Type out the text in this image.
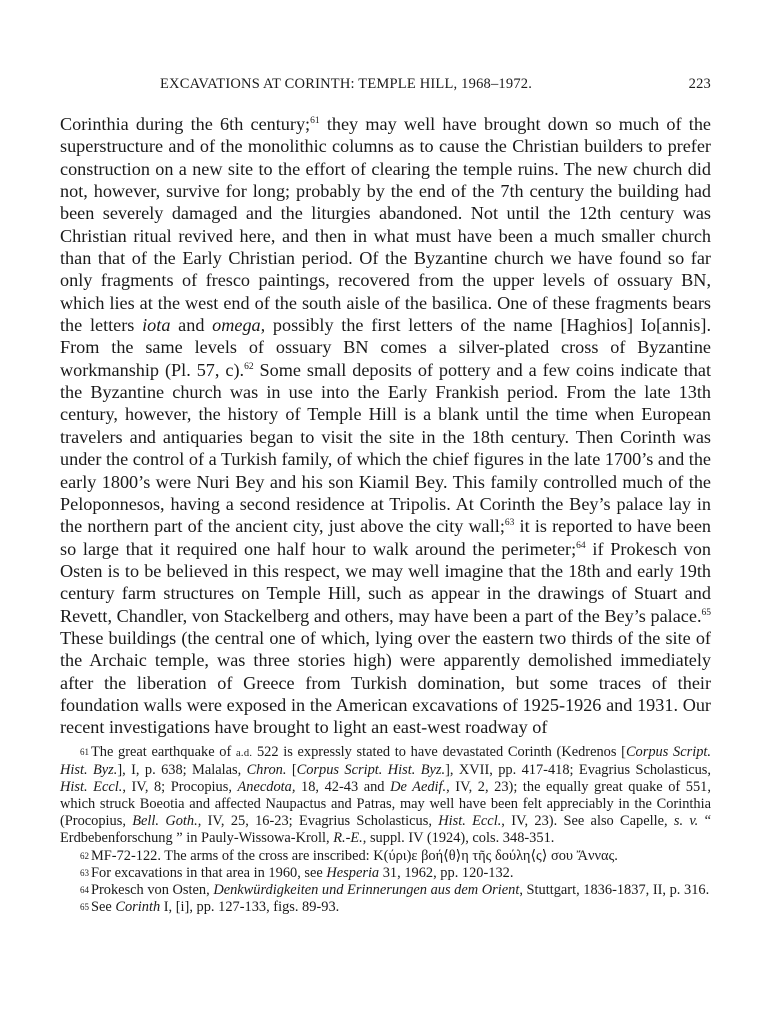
EXCAVATIONS AT CORINTH: TEMPLE HILL, 1968–1972.	223

Corinthia during the 6th century;$^{61}$ they may well have brought down so much of the superstructure and of the monolithic columns as to cause the Christian builders to prefer construction on a new site to the effort of clearing the temple ruins. The new church did not, however, survive for long; probably by the end of the 7th century the building had been severely damaged and the liturgies abandoned. Not until the 12th century was Christian ritual revived here, and then in what must have been a much smaller church than that of the Early Christian period. Of the Byzantine church we have found so far only fragments of fresco paintings, recovered from the upper levels of ossuary BN, which lies at the west end of the south aisle of the basilica. One of these fragments bears the letters iota and omega, possibly the first letters of the name [Haghios] Io[annis]. From the same levels of ossuary BN comes a silver-plated cross of Byzantine workmanship (Pl. 57, c).$^{62}$ Some small deposits of pottery and a few coins indicate that the Byzantine church was in use into the Early Frankish period. From the late 13th century, however, the history of Temple Hill is a blank until the time when European travelers and antiquaries began to visit the site in the 18th century. Then Corinth was under the control of a Turkish family, of which the chief figures in the late 1700’s and the early 1800’s were Nuri Bey and his son Kiamil Bey. This family controlled much of the Peloponnesos, having a second residence at Tripolis. At Corinth the Bey’s palace lay in the northern part of the ancient city, just above the city wall;$^{63}$ it is reported to have been so large that it required one half hour to walk around the perimeter;$^{64}$ if Prokesch von Osten is to be believed in this respect, we may well imagine that the 18th and early 19th century farm structures on Temple Hill, such as appear in the drawings of Stuart and Revett, Chandler, von Stackelberg and others, may have been a part of the Bey’s palace.$^{65}$ These buildings (the central one of which, lying over the eastern two thirds of the site of the Archaic temple, was three stories high) were apparently demolished immediately after the liberation of Greece from Turkish domination, but some traces of their foundation walls were exposed in the American excavations of 1925-1926 and 1931. Our recent investigations have brought to light an east-west roadway of

$^{61}$ The great earthquake of a.d. 522 is expressly stated to have devastated Corinth (Kedrenos [Corpus Script. Hist. Byz.], I, p. 638; Malalas, Chron. [Corpus Script. Hist. Byz.], XVII, pp. 417-418; Evagrius Scholasticus, Hist. Eccl., IV, 8; Procopius, Anecdota, 18, 42-43 and De Aedif., IV, 2, 23); the equally great quake of 551, which struck Boeotia and affected Naupactus and Patras, may well have been felt appreciably in the Corinthia (Procopius, Bell. Goth., IV, 25, 16-23; Evagrius Scholasticus, Hist. Eccl., IV, 23). See also Capelle, s. v. “ Erdbebenforschung ” in Pauly-Wissowa-Kroll, R.-E., suppl. IV (1924), cols. 348-351.

$^{62}$ MF-72-122. The arms of the cross are inscribed: Κ(ύρι)ε βοή⟨θ⟩η τῆς δούλη⟨ς⟩ σου Ἄννας.

$^{63}$ For excavations in that area in 1960, see Hesperia 31, 1962, pp. 120-132.

$^{64}$ Prokesch von Osten, Denkwürdigkeiten und Erinnerungen aus dem Orient, Stuttgart, 1836-1837, II, p. 316.

$^{65}$ See Corinth I, [i], pp. 127-133, figs. 89-93.
